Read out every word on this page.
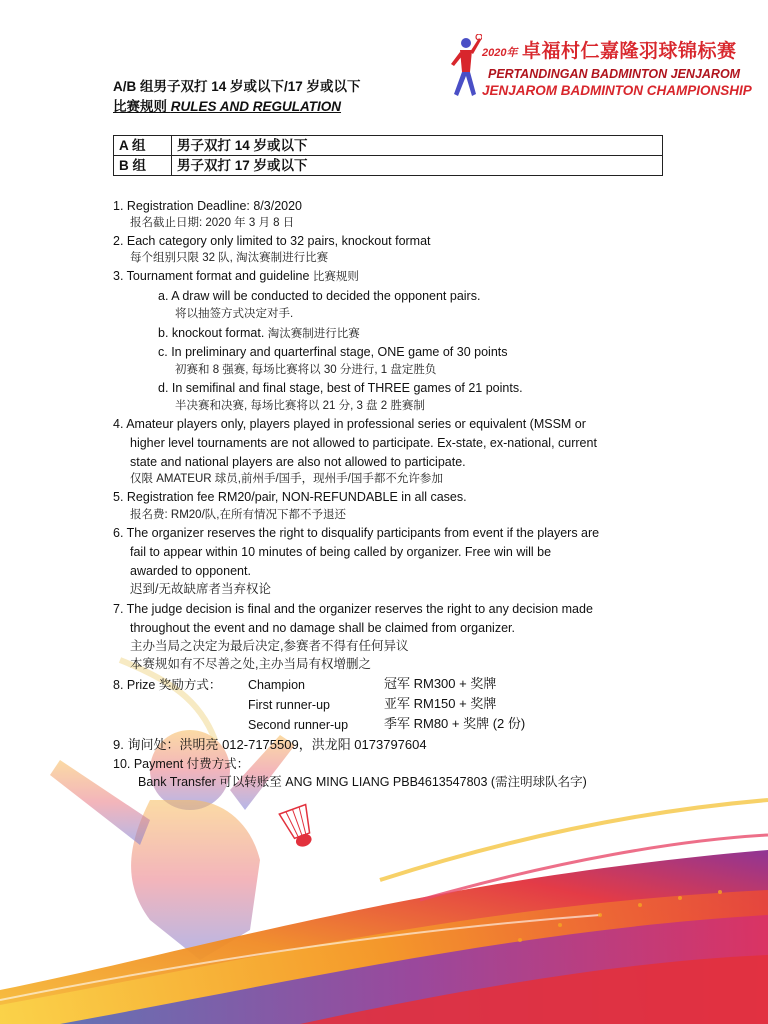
2020年 卓福村仁嘉隆羽球锦标赛
PERTANDINGAN BADMINTON JENJAROM
JENJAROM BADMINTON CHAMPIONSHIP
A/B 组男子双打 14 岁或以下/17 岁或以下
比赛规则 RULES AND REGULATION
A 组	男子双打 14 岁或以下
B 组	男子双打 17 岁或以下
1. Registration Deadline: 8/3/2020
报名截止日期: 2020 年 3 月 8 日
2. Each category only limited to 32 pairs, knockout format
每个组别只限 32 队, 淘汰赛制进行比赛
3. Tournament format and guideline 比赛规则
a. A draw will be conducted to decided the opponent pairs.
将以抽签方式决定对手.
b. knockout format. 淘汰赛制进行比赛
c. In preliminary and quarterfinal stage, ONE game of 30 points
初赛和 8 强赛, 每场比赛将以 30 分进行, 1 盘定胜负
d. In semifinal and final stage, best of THREE games of 21 points.
半决赛和决赛, 每场比赛将以 21 分, 3 盘 2 胜赛制
4. Amateur players only, players played in professional series or equivalent (MSSM or
higher level tournaments are not allowed to participate. Ex-state, ex-national, current
state and national players are also not allowed to participate.
仅限 AMATEUR 球员,前州手/国手，现州手/国手都不允许参加
5. Registration fee RM20/pair, NON-REFUNDABLE in all cases.
报名费: RM20/队,在所有情况下都不予退还
6. The organizer reserves the right to disqualify participants from event if the players are
fail to appear within 10 minutes of being called by organizer. Free win will be
awarded to opponent.
迟到/无故缺席者当弃权论
7. The judge decision is final and the organizer reserves the right to any decision made
throughout the event and no damage shall be claimed from organizer.
主办当局之决定为最后决定,参赛者不得有任何异议
本赛规如有不尽善之处,主办当局有权增删之
8. Prize 奖励方式： Champion	冠军 RM300 + 奖牌
First runner-up	亚军 RM150 + 奖牌
Second runner-up	季军 RM80 + 奖牌 (2 份)
9. 询问处：洪明亮 012-7175509，洪龙阳 0173797604
10. Payment 付费方式：
Bank Transfer 可以转账至 ANG MING LIANG PBB4613547803 (需注明球队名字)
